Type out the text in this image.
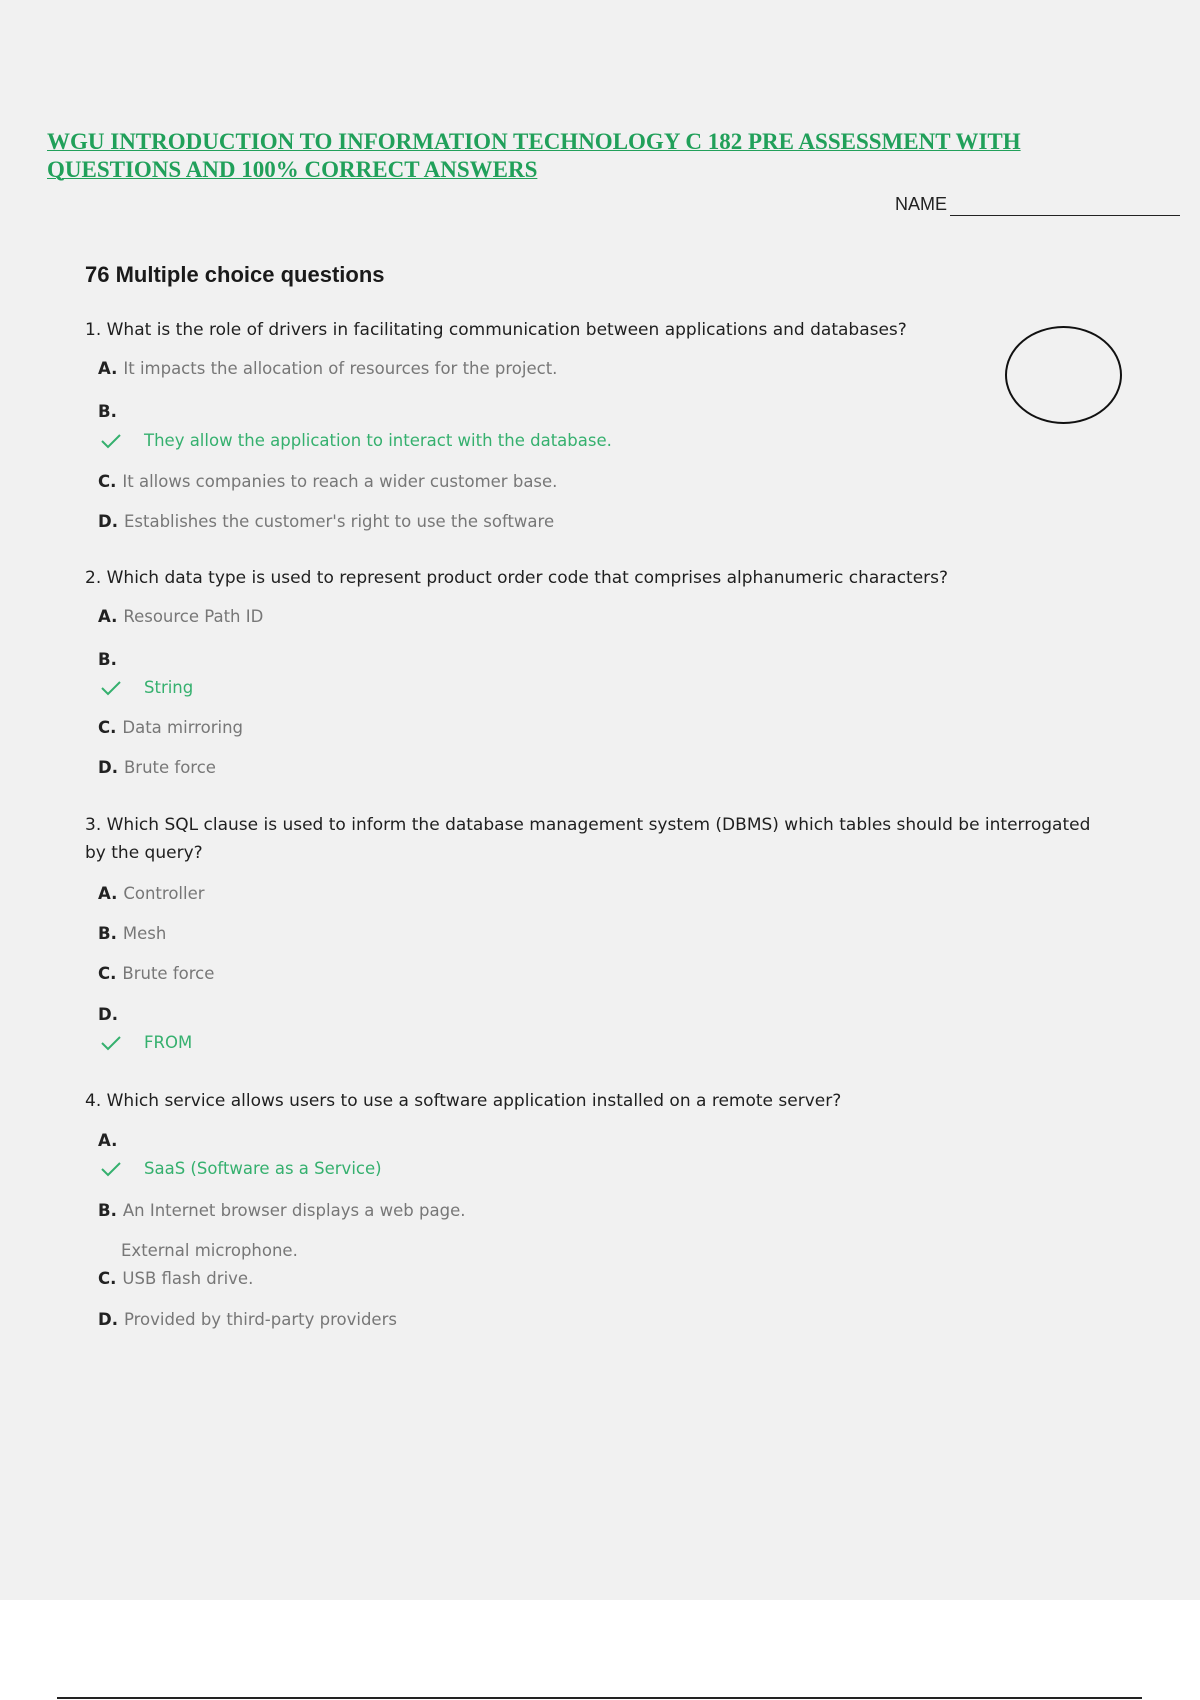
WGU INTRODUCTION TO INFORMATION TECHNOLOGY C 182 PRE ASSESSMENT WITH QUESTIONS AND 100% CORRECT ANSWERS
NAME
76 Multiple choice questions
1. What is the role of drivers in facilitating communication between applications and databases?
A. It impacts the allocation of resources for the project.
B.
They allow the application to interact with the database.
C. It allows companies to reach a wider customer base.
D. Establishes the customer's right to use the software
2. Which data type is used to represent product order code that comprises alphanumeric characters?
A. Resource Path ID
B.
String
C. Data mirroring
D. Brute force
3. Which SQL clause is used to inform the database management system (DBMS) which tables should be interrogated by the query?
A. Controller
B. Mesh
C. Brute force
D.
FROM
4. Which service allows users to use a software application installed on a remote server?
A.
SaaS (Software as a Service)
B. An Internet browser displays a web page.
External microphone.
C. USB flash drive.
D. Provided by third-party providers
